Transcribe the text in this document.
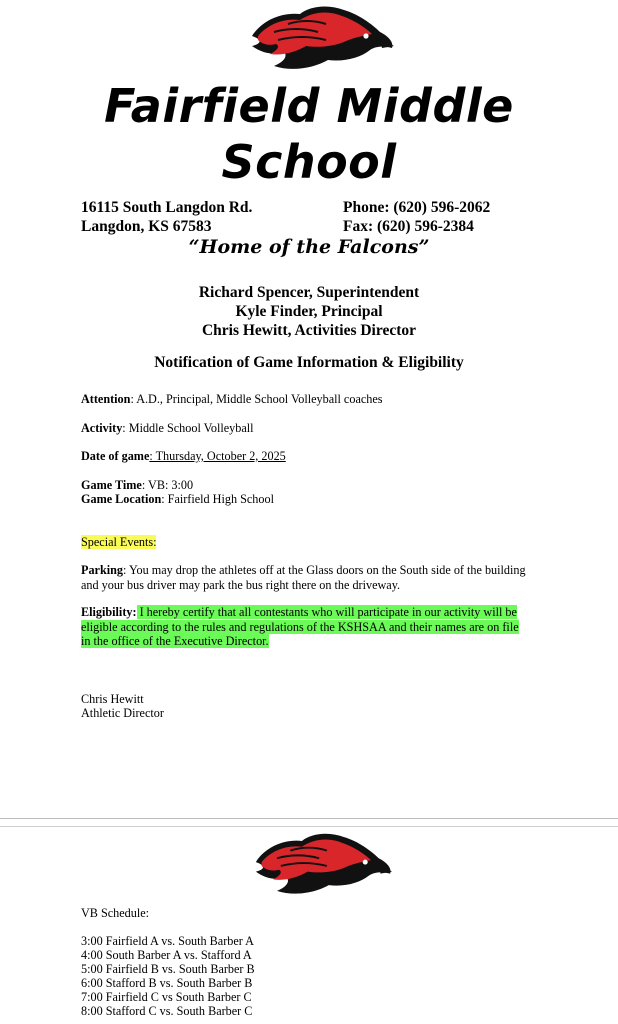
Fairfield Middle
School
16115 South Langdon Rd.
Langdon, KS 67583
Phone: (620) 596-2062
Fax: (620) 596-2384
“Home of the Falcons”
Richard Spencer, Superintendent
Kyle Finder, Principal
Chris Hewitt, Activities Director
Notification of Game Information & Eligibility
Attention: A.D., Principal, Middle School Volleyball coaches
Activity: Middle School Volleyball
Date of game: Thursday, October 2, 2025
Game Time: VB: 3:00
Game Location: Fairfield High School
Special Events:
Parking: You may drop the athletes off at the Glass doors on the South side of the building and your bus driver may park the bus right there on the driveway.
Eligibility: I hereby certify that all contestants who will participate in our activity will be eligible according to the rules and regulations of the KSHSAA and their names are on file in the office of the Executive Director.
Chris Hewitt
Athletic Director
VB Schedule:
3:00 Fairfield A vs. South Barber A
4:00 South Barber A vs. Stafford A
5:00 Fairfield B vs. South Barber B
6:00 Stafford B vs. South Barber B
7:00 Fairfield C vs South Barber C
8:00 Stafford C vs. South Barber C
